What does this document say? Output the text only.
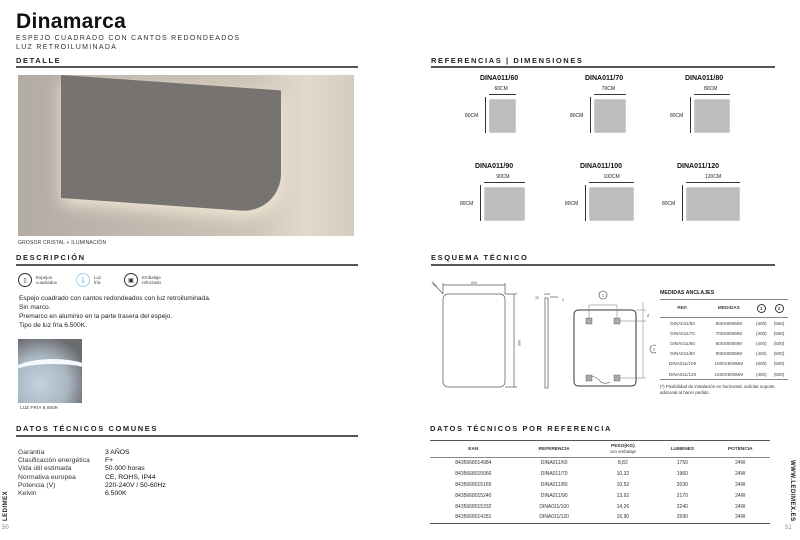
Dinamarca
ESPEJO CUADRADO CON CANTOS REDONDEADOS
LUZ RETROILUMINADA
DETALLE
GROSOR CRISTAL + ILUMINACIÓN
DESCRIPCIÓN
▯	Espejos
cuadrados	🌡	Luz
fría	▣	Embalaje
reforzado
Espejo cuadrado con cantos redondeados con luz retroiluminada.
Sin marco.
Premarco en aluminio en la parte trasera del espejo.
Tipo de luz fría 6.500K.
LUZ FRÍA 6.500K
DATOS TÉCNICOS COMUNES
Garantía	3 AÑOS
Clasificación energética	F+
Vida útil estimada	50.000 horas
Normativa europea	CE, ROHS, IP44
Potencia (V)	220-240V / 50-60Hz
Kelvin	6.500K
LEDIMEX
50
REFERENCIAS | DIMENSIONES
DINA011/60
60CM
80CM
DINA011/70
70CM
80CM
DINA011/80
80CM
80CM
DINA011/90
90CM
80CM
DINA011/100
100CM
80CM
DINA011/120
120CM
80CM
ESQUEMA TÉCNICO
600
800
R50
35	5
1
2
50
MEDIDAS ANCLAJES
REF.	MEDIDAS	1	2
DINA011/60	600X800MM	(300)	(560)
DINA011/70	700X800MM	(300)	(560)
DINA011/80	800X800MM	(400)	(500)
DINA011/90	900X800MM	(400)	(500)
DINA011/100	1000X800MM	(600)	(500)
DINA011/120	1200X800MM	(400)	(500)
(*) Posibilidad de instalación en horizontal, solicitar soporte adicional al hacer pedido.
DATOS TÉCNICOS POR REFERENCIA
EAN	REFERENCIA	PESO(KG)
con embalaje	LUMENES	POTENCIA
8435668014984	DINA011/60	8,82	1750	24W
8435668015066	DINA011/70	10,32	1960	24W
8435668015165	DINA011/80	10,52	2030	24W
8435668015240	DINA011/90	13,92	2170	24W
8435668015332	DINA011/100	14,26	2240	24W
8435668014281	DINA011/120	16,90	2590	24W	WWW.LEDIMEX.ES
51
